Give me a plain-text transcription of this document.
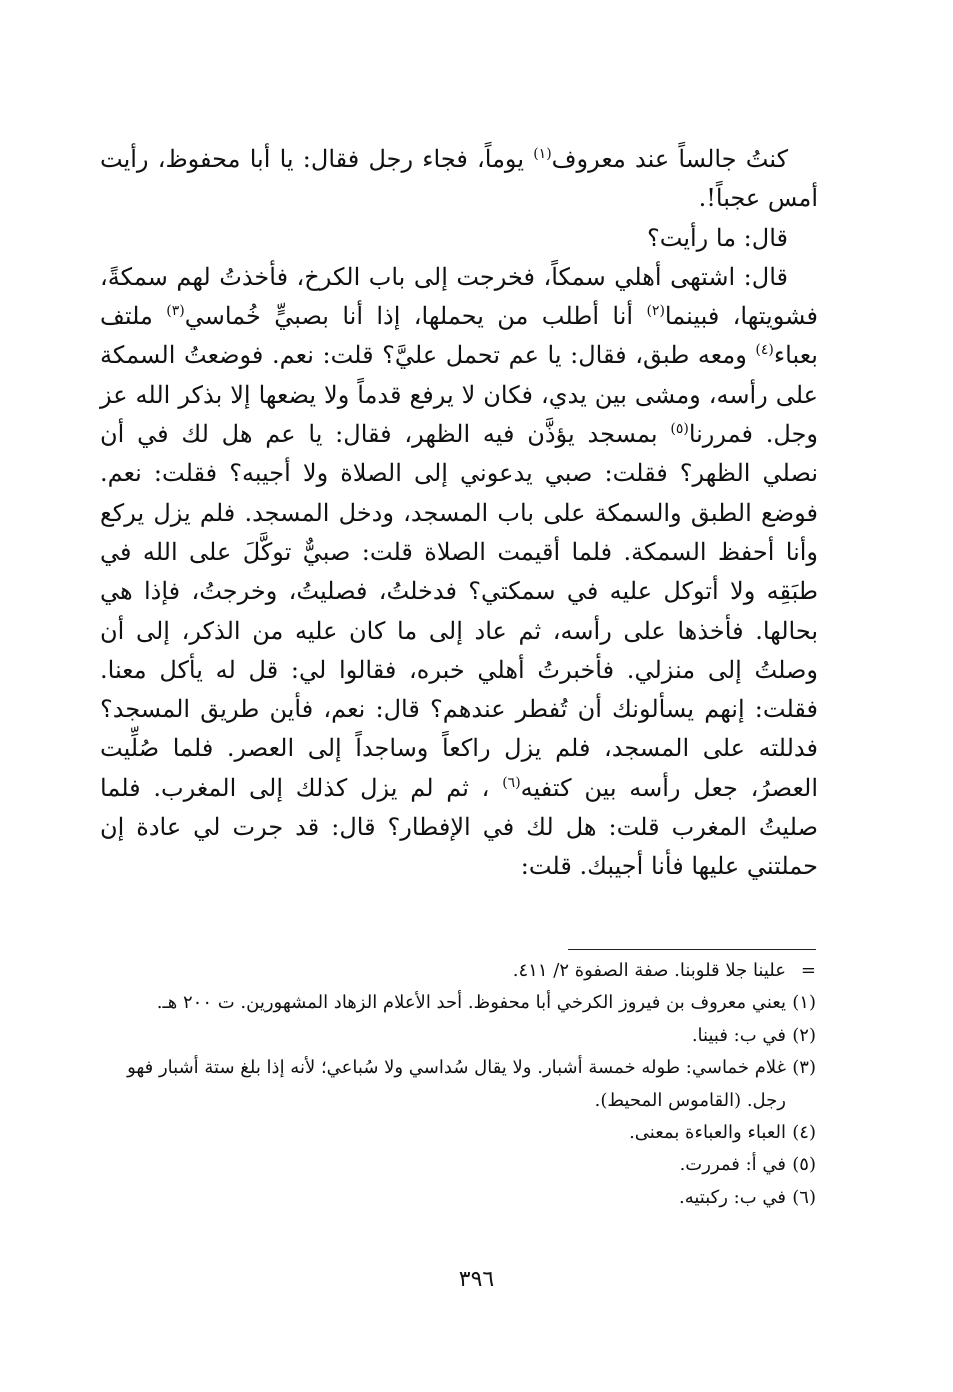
كنتُ جالساً عند معروف$^{(١)}$ يوماً، فجاء رجل فقال: يا أبا محفوظ، رأيت أمس عجباً!.

قال: ما رأيت؟

قال: اشتهى أهلي سمكاً، فخرجت إلى باب الكرخ، فأخذتُ لهم سمكةً، فشويتها، فبينما$^{(٢)}$ أنا أطلب من يحملها، إذا أنا بصبيٍّ خُماسي$^{(٣)}$ ملتف بعباء$^{(٤)}$ ومعه طبق، فقال: يا عم تحمل عليَّ؟ قلت: نعم. فوضعتُ السمكة على رأسه، ومشى بين يدي، فكان لا يرفع قدماً ولا يضعها إلا بذكر الله عز وجل. فمررنا$^{(٥)}$ بمسجد يؤذَّن فيه الظهر، فقال: يا عم هل لك في أن نصلي الظهر؟ فقلت: صبي يدعوني إلى الصلاة ولا أجيبه؟ فقلت: نعم. فوضع الطبق والسمكة على باب المسجد، ودخل المسجد. فلم يزل يركع وأنا أحفظ السمكة. فلما أقيمت الصلاة قلت: صبيٌّ توكَّلَ على الله في طبَقِه ولا أتوكل عليه في سمكتي؟ فدخلتُ، فصليتُ، وخرجتُ، فإذا هي بحالها. فأخذها على رأسه، ثم عاد إلى ما كان عليه من الذكر، إلى أن وصلتُ إلى منزلي. فأخبرتُ أهلي خبره، فقالوا لي: قل له يأكل معنا. فقلت: إنهم يسألونك أن تُفطر عندهم؟ قال: نعم، فأين طريق المسجد؟ فدللته على المسجد، فلم يزل راكعاً وساجداً إلى العصر. فلما صُلِّيت العصرُ، جعل رأسه بين كتفيه$^{(٦)}$ ، ثم لم يزل كذلك إلى المغرب. فلما صليتُ المغرب قلت: هل لك في الإفطار؟ قال: قد جرت لي عادة إن حملتني عليها فأنا أجيبك. قلت:

=
علينا جلا قلوبنا. صفة الصفوة ٢/ ٤١١.
(١)
يعني معروف بن فيروز الكرخي أبا محفوظ. أحد الأعلام الزهاد المشهورين. ت ٢٠٠ هـ.
(٢)
في ب: فبينا.
(٣)
غلام خماسي: طوله خمسة أشبار. ولا يقال سُداسي ولا سُباعي؛ لأنه إذا بلغ ستة أشبار فهو رجل. (القاموس المحيط).
(٤)
العباء والعباءة بمعنى.
(٥)
في أ: فمررت.
(٦)
في ب: ركبتيه.
٣٩٦
